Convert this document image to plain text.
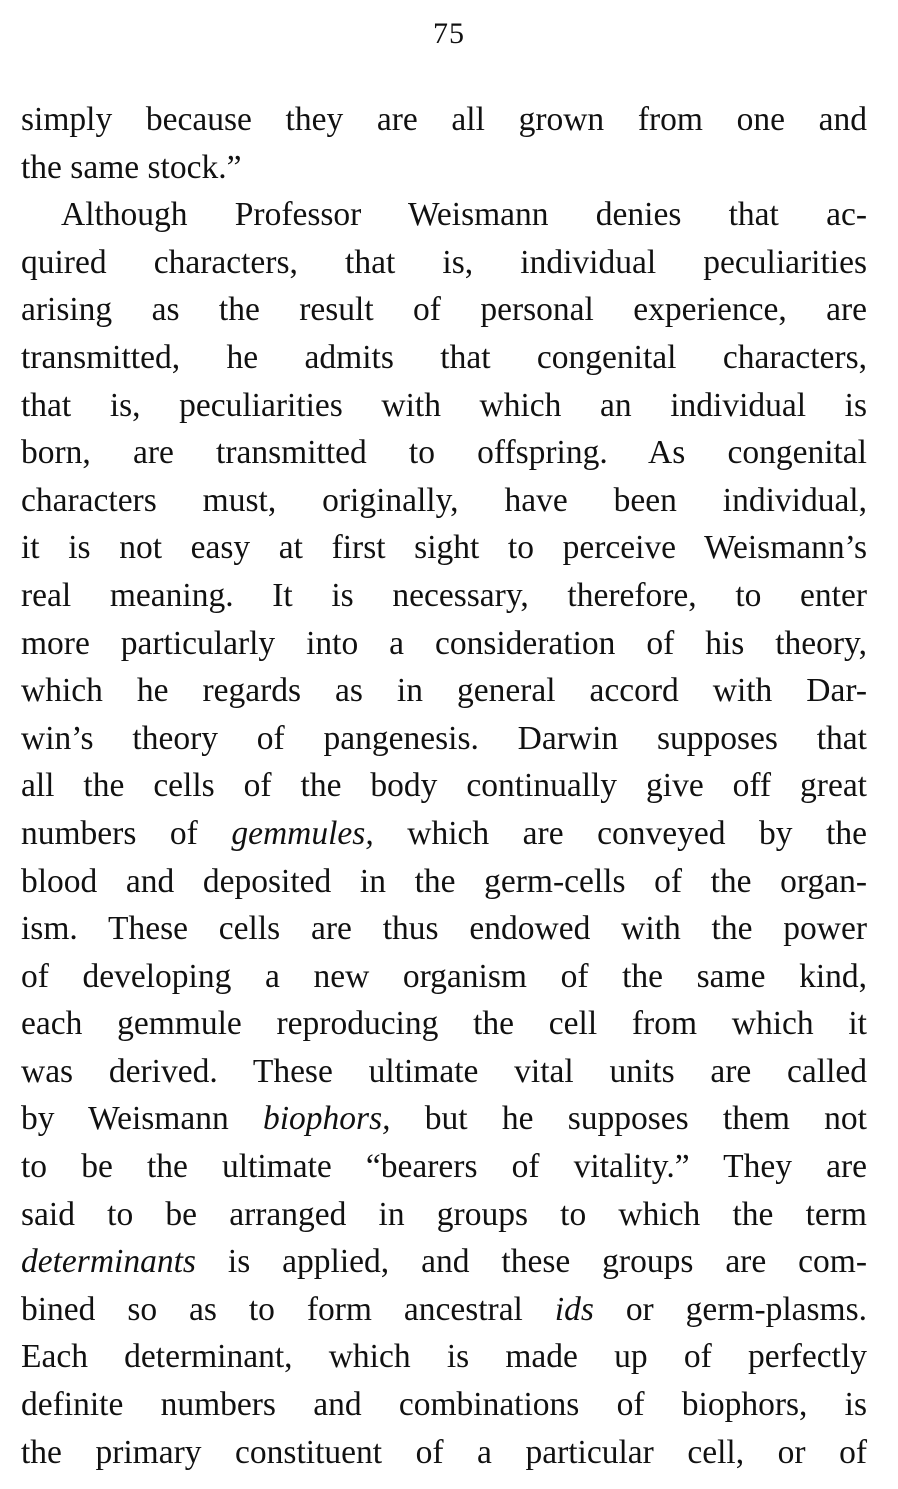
75
simply because they are all grown from one and
the same stock.”
Although Professor Weismann denies that ac-
quired characters, that is, individual peculiarities
arising as the result of personal experience, are
transmitted, he admits that congenital characters,
that is, peculiarities with which an individual is
born, are transmitted to offspring. As congenital
characters must, originally, have been individual,
it is not easy at first sight to perceive Weismann’s
real meaning. It is necessary, therefore, to enter
more particularly into a consideration of his theory,
which he regards as in general accord with Dar-
win’s theory of pangenesis. Darwin supposes that
all the cells of the body continually give off great
numbers of gemmules, which are conveyed by the
blood and deposited in the germ-cells of the organ-
ism. These cells are thus endowed with the power
of developing a new organism of the same kind,
each gemmule reproducing the cell from which it
was derived. These ultimate vital units are called
by Weismann biophors, but he supposes them not
to be the ultimate “bearers of vitality.” They are
said to be arranged in groups to which the term
determinants is applied, and these groups are com-
bined so as to form ancestral ids or germ-plasms.
Each determinant, which is made up of perfectly
definite numbers and combinations of biophors, is
the primary constituent of a particular cell, or of
